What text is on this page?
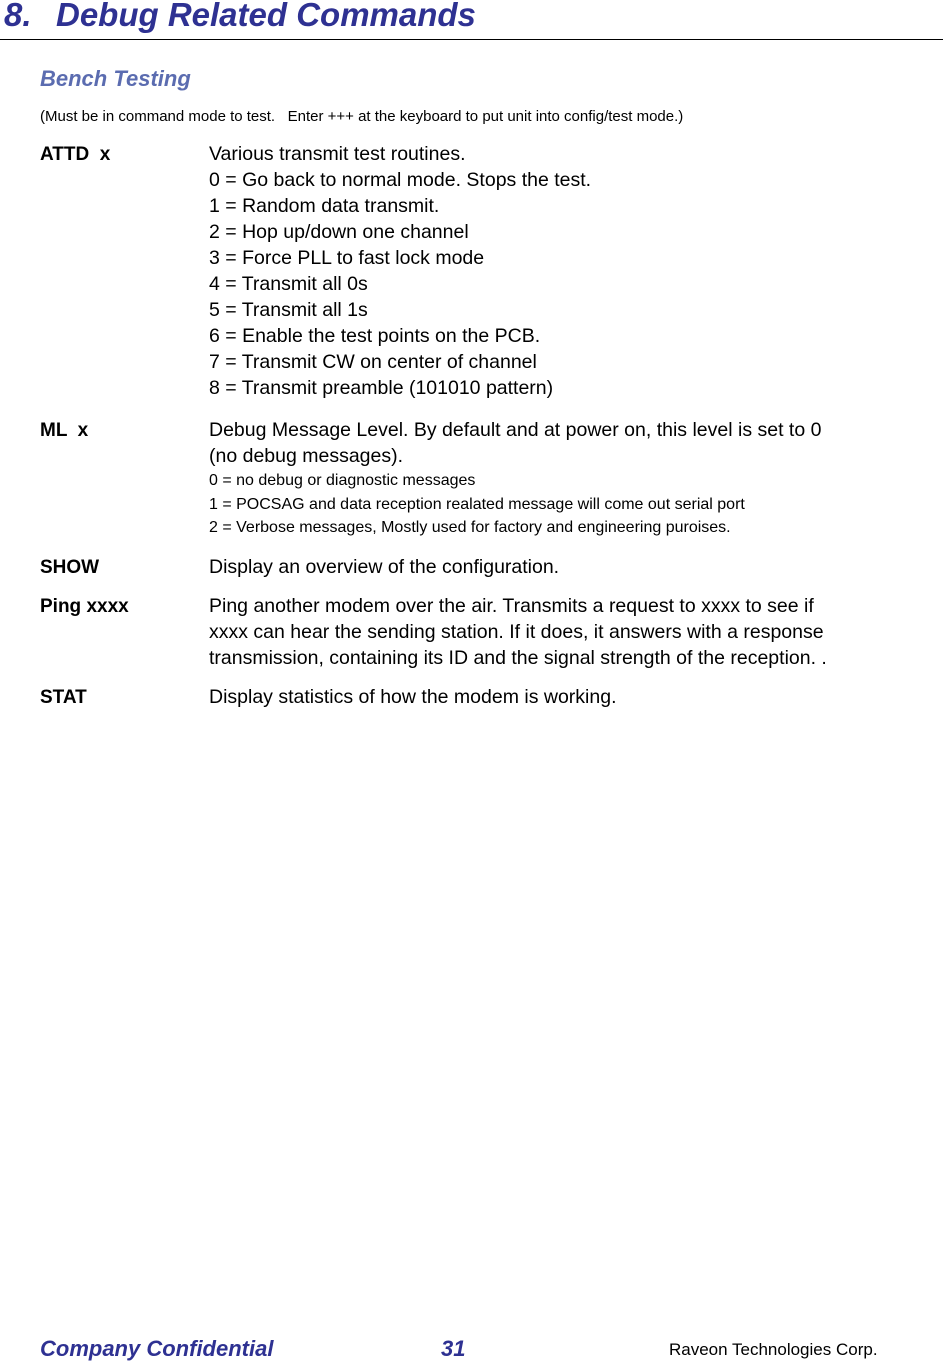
8. Debug Related Commands
Bench Testing
(Must be in command mode to test.   Enter +++ at the keyboard to put unit into config/test mode.)
ATTD  x	Various transmit test routines.
0 = Go back to normal mode. Stops the test.
1 = Random data transmit.
2 = Hop up/down one channel
3 = Force PLL to fast lock mode
4 = Transmit all 0s
5 = Transmit all 1s
6 = Enable the test points on the PCB.
7 = Transmit CW on center of channel
8 = Transmit preamble (101010 pattern)
ML  x	Debug Message Level. By default and at power on, this level is set to 0
(no debug messages).
0 = no debug or diagnostic messages
1 = POCSAG and data reception realated message will come out serial port
2 = Verbose messages, Mostly used for factory and engineering puroises.
SHOW	Display an overview of the configuration.
Ping xxxx	Ping another modem over the air. Transmits a request to xxxx to see if
xxxx can hear the sending station. If it does, it answers with a response
transmission, containing its ID and the signal strength of the reception. .
STAT	Display statistics of how the modem is working.
Company Confidential	31	Raveon Technologies Corp.
